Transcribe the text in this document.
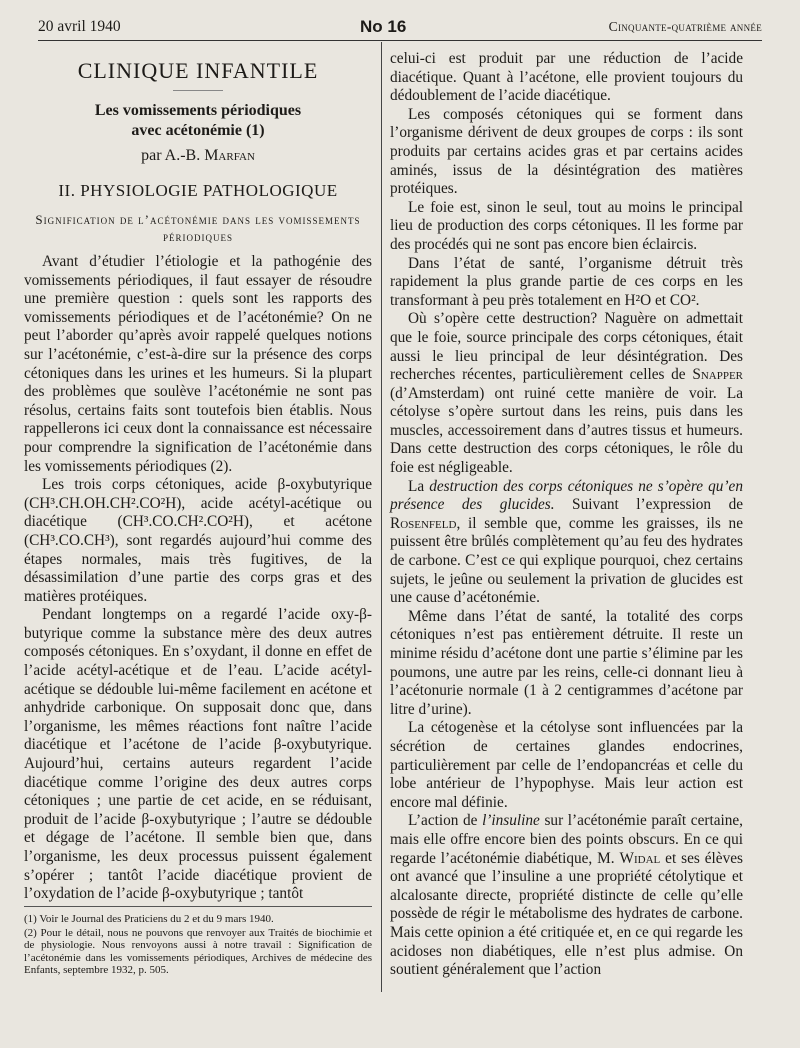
20 avril 1940	No 16	Cinquante-quatrième année
CLINIQUE INFANTILE
Les vomissements périodiques
avec acétonémie (1)
par A.-B. Marfan
II. PHYSIOLOGIE PATHOLOGIQUE
Signification de l’acétonémie dans les vomissements périodiques

Avant d’étudier l’étiologie et la pathogénie des vomissements périodiques, il faut essayer de résoudre une première question : quels sont les rapports des vomissements périodiques et de l’acétonémie? On ne peut l’aborder qu’après avoir rappelé quelques notions sur l’acétonémie, c’est-à-dire sur la présence des corps cétoniques dans les urines et les humeurs. Si la plupart des problèmes que soulève l’acétonémie ne sont pas résolus, certains faits sont toutefois bien établis. Nous rappellerons ici ceux dont la connaissance est nécessaire pour comprendre la signification de l’acétonémie dans les vomissements périodiques (2).

Les trois corps cétoniques, acide β-oxybutyrique (CH³.CH.OH.CH².CO²H), acide acétyl-acétique ou diacétique (CH³.CO.CH².CO²H), et acétone (CH³.CO.CH³), sont regardés aujourd’hui comme des étapes normales, mais très fugitives, de la désassimilation d’une partie des corps gras et des matières protéiques.

Pendant longtemps on a regardé l’acide oxy-β-butyrique comme la substance mère des deux autres composés cétoniques. En s’oxydant, il donne en effet de l’acide acétyl-acétique et de l’eau. L’acide acétyl-acétique se dédouble lui-même facilement en acétone et anhydride carbonique. On supposait donc que, dans l’organisme, les mêmes réactions font naître l’acide diacétique et l’acétone de l’acide β-oxybutyrique. Aujourd’hui, certains auteurs regardent l’acide diacétique comme l’origine des deux autres corps cétoniques ; une partie de cet acide, en se réduisant, produit de l’acide β-oxybutyrique ; l’autre se dédouble et dégage de l’acétone. Il semble bien que, dans l’organisme, les deux processus puissent également s’opérer ; tantôt l’acide diacétique provient de l’oxydation de l’acide β-oxybutyrique ; tantôt

(1) Voir le Journal des Praticiens du 2 et du 9 mars 1940.
(2) Pour le détail, nous ne pouvons que renvoyer aux Traités de biochimie et de physiologie. Nous renvoyons aussi à notre travail : Signification de l’acétonémie dans les vomissements périodiques, Archives de médecine des Enfants, septembre 1932, p. 505.

celui-ci est produit par une réduction de l’acide diacétique. Quant à l’acétone, elle provient toujours du dédoublement de l’acide diacétique.

Les composés cétoniques qui se forment dans l’organisme dérivent de deux groupes de corps : ils sont produits par certains acides gras et par certains acides aminés, issus de la désintégration des matières protéiques.

Le foie est, sinon le seul, tout au moins le principal lieu de production des corps cétoniques. Il les forme par des procédés qui ne sont pas encore bien éclaircis.

Dans l’état de santé, l’organisme détruit très rapidement la plus grande partie de ces corps en les transformant à peu près totalement en H²O et CO².

Où s’opère cette destruction? Naguère on admettait que le foie, source principale des corps cétoniques, était aussi le lieu principal de leur désintégration. Des recherches récentes, particulièrement celles de Snapper (d’Amsterdam) ont ruiné cette manière de voir. La cétolyse s’opère surtout dans les reins, puis dans les muscles, accessoirement dans d’autres tissus et humeurs. Dans cette destruction des corps cétoniques, le rôle du foie est négligeable.

La destruction des corps cétoniques ne s’opère qu’en présence des glucides. Suivant l’expression de Rosenfeld, il semble que, comme les graisses, ils ne puissent être brûlés complètement qu’au feu des hydrates de carbone. C’est ce qui explique pourquoi, chez certains sujets, le jeûne ou seulement la privation de glucides est une cause d’acétonémie.

Même dans l’état de santé, la totalité des corps cétoniques n’est pas entièrement détruite. Il reste un minime résidu d’acétone dont une partie s’élimine par les poumons, une autre par les reins, celle-ci donnant lieu à l’acétonurie normale (1 à 2 centigrammes d’acétone par litre d’urine).

La cétogenèse et la cétolyse sont influencées par la sécrétion de certaines glandes endocrines, particulièrement par celle de l’endopancréas et celle du lobe antérieur de l’hypophyse. Mais leur action est encore mal définie.

L’action de l’insuline sur l’acétonémie paraît certaine, mais elle offre encore bien des points obscurs. En ce qui regarde l’acétonémie diabétique, M. Widal et ses élèves ont avancé que l’insuline a une propriété cétolytique et alcalosante directe, propriété distincte de celle qu’elle possède de régir le métabolisme des hydrates de carbone. Mais cette opinion a été critiquée et, en ce qui regarde les acidoses non diabétiques, elle n’est plus admise. On soutient généralement que l’action
